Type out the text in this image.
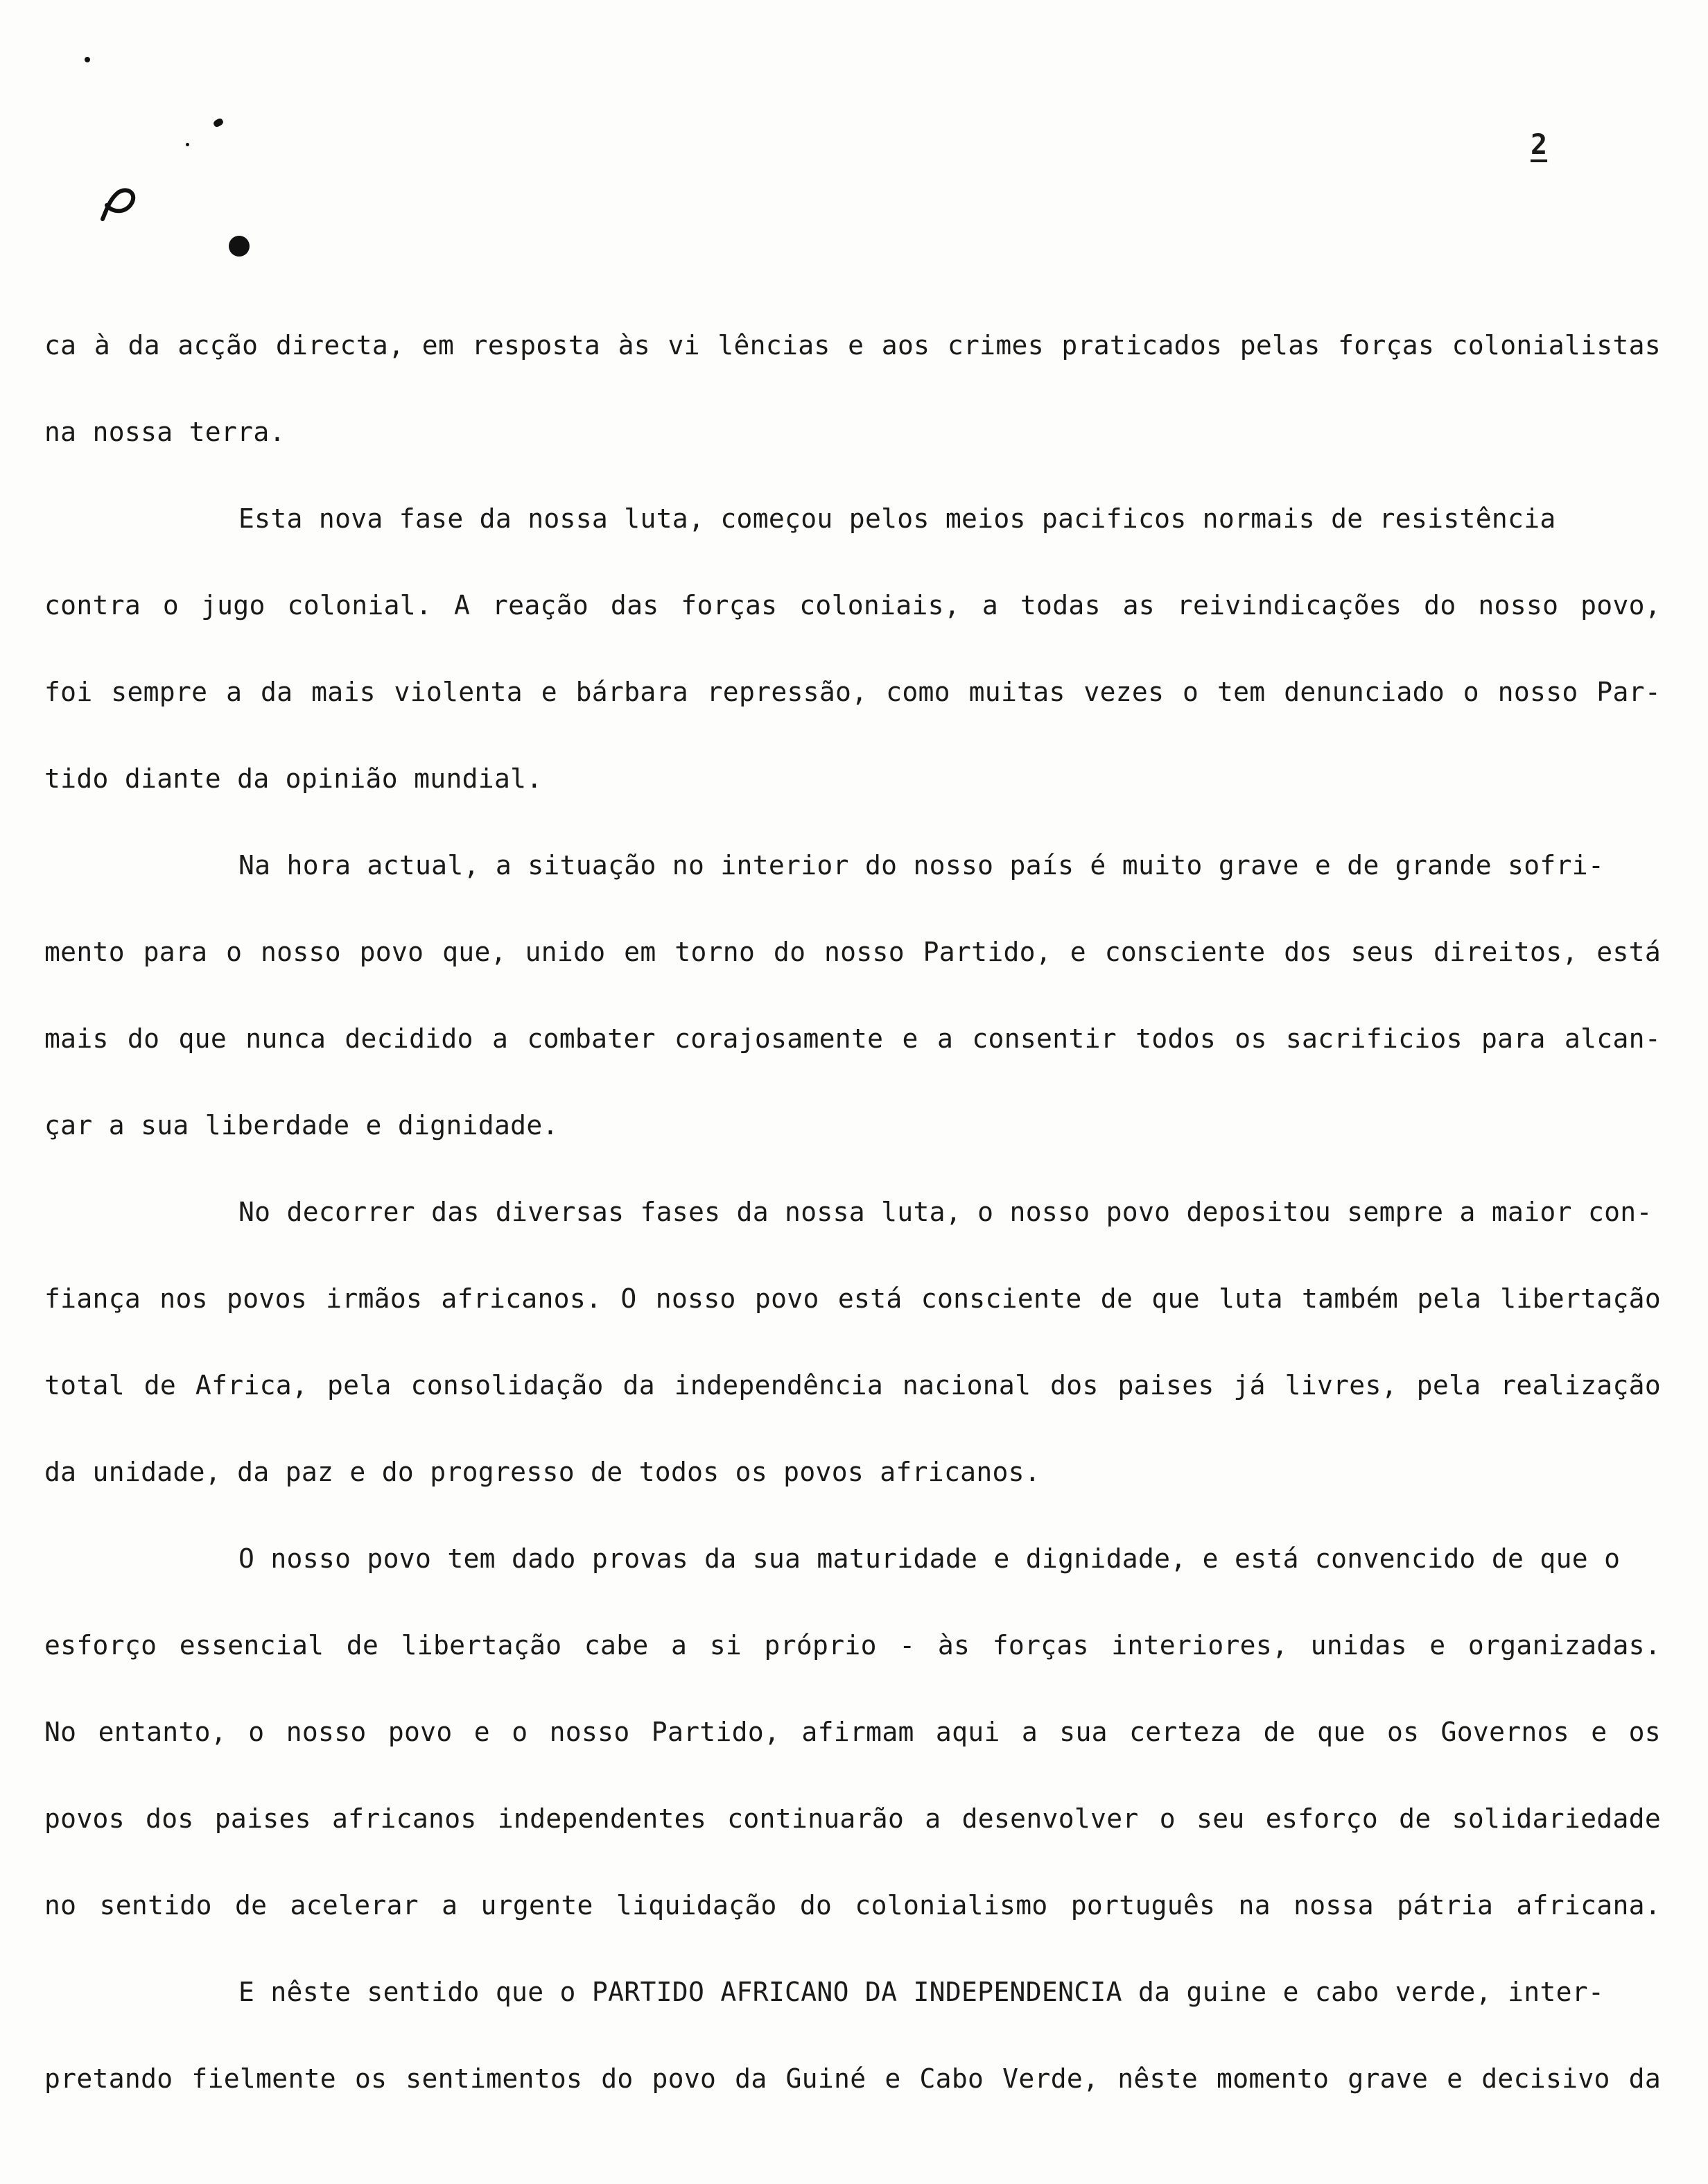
2
ca à da acção directa, em resposta às vi lências e aos crimes praticados pelas forças colonialistas
na nossa terra.
Esta nova fase da nossa luta, começou pelos meios pacificos normais de resistência
contra o jugo colonial. A reação das forças coloniais, a todas as reivindicações do nosso povo,
foi sempre a da mais violenta e bárbara repressão, como muitas vezes o tem denunciado o nosso Par-
tido diante da opinião mundial.
Na hora actual, a situação no interior do nosso país é muito grave e de grande sofri-
mento para o nosso povo que, unido em torno do nosso Partido, e consciente dos seus direitos, está
mais do que nunca decidido a combater corajosamente e a consentir todos os sacrificios para alcan-
çar a sua liberdade e dignidade.
No decorrer das diversas fases da nossa luta, o nosso povo depositou sempre a maior con-
fiança nos povos irmãos africanos. O nosso povo está consciente de que luta também pela libertação
total de Africa, pela consolidação da independência nacional dos paises já livres, pela realização
da unidade, da paz e do progresso de todos os povos africanos.
O nosso povo tem dado provas da sua maturidade e dignidade, e está convencido de que o
esforço essencial de libertação cabe a si próprio - às forças interiores, unidas e organizadas.
No entanto, o nosso povo e o nosso Partido, afirmam aqui a sua certeza de que os Governos e os
povos dos paises africanos independentes continuarão a desenvolver o seu esforço de solidariedade
no sentido de acelerar a urgente liquidação do colonialismo português na nossa pátria africana.
E nêste sentido que o PARTIDO AFRICANO DA INDEPENDENCIA da guine e cabo verde, inter-
pretando fielmente os sentimentos do povo da Guiné e Cabo Verde, nêste momento grave e decisivo da
